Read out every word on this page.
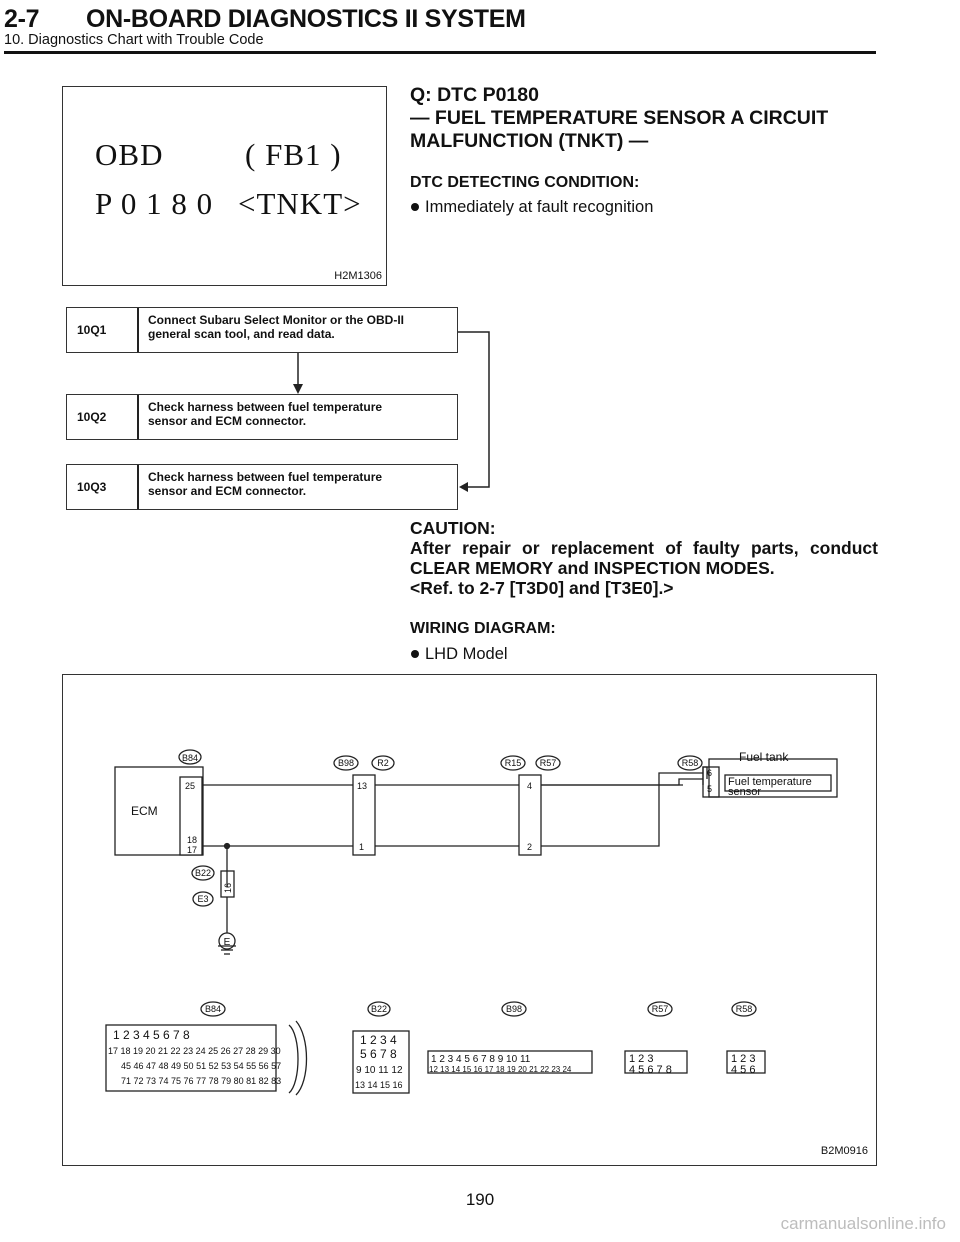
2-7 ON-BOARD DIAGNOSTICS II SYSTEM
10. Diagnostics Chart with Trouble Code
OBD	( FB1 )
P 0 1 8 0 <TNKT>
H2M1306
Q: DTC P0180
— FUEL TEMPERATURE SENSOR A CIRCUIT
MALFUNCTION (TNKT) —
DTC DETECTING CONDITION:
Immediately at fault recognition
10Q1
Connect Subaru Select Monitor or the OBD-II
general scan tool, and read data.
10Q2
Check harness between fuel temperature
sensor and ECM connector.
10Q3
Check harness between fuel temperature
sensor and ECM connector.
CAUTION:
After repair or replacement of faulty parts, conduct
CLEAR MEMORY and INSPECTION MODES.
<Ref. to 2-7 [T3D0] and [T3E0].>
WIRING DIAGRAM:
LHD Model
ECM
B84	B98	R2	R15 R57	R58
B22
E3
E
Fuel tank
Fuel temperature
sensor
25
18
17
13
1
4
2
6
5
16
B84	B22	B98	R57	R58
1 2 3 4 5 6 7 8
17 18 19 20 21 22 23 24 25 26 27 28 29 30
45 46 47 48 49 50 51 52 53 54 55 56 57
71 72 73 74 75 76 77 78 79 80 81 82 83
1 2 3 4
5 6 7 8
9 10 11 12
13 14 15 16
1 2 3 4 5 6 7 8 9 10 11
12 13 14 15 16 17 18 19 20 21 22 23 24
1 2 3
4 5 6 7 8
1 2 3
4 5 6
B2M0916
190
carmanualsonline.info
